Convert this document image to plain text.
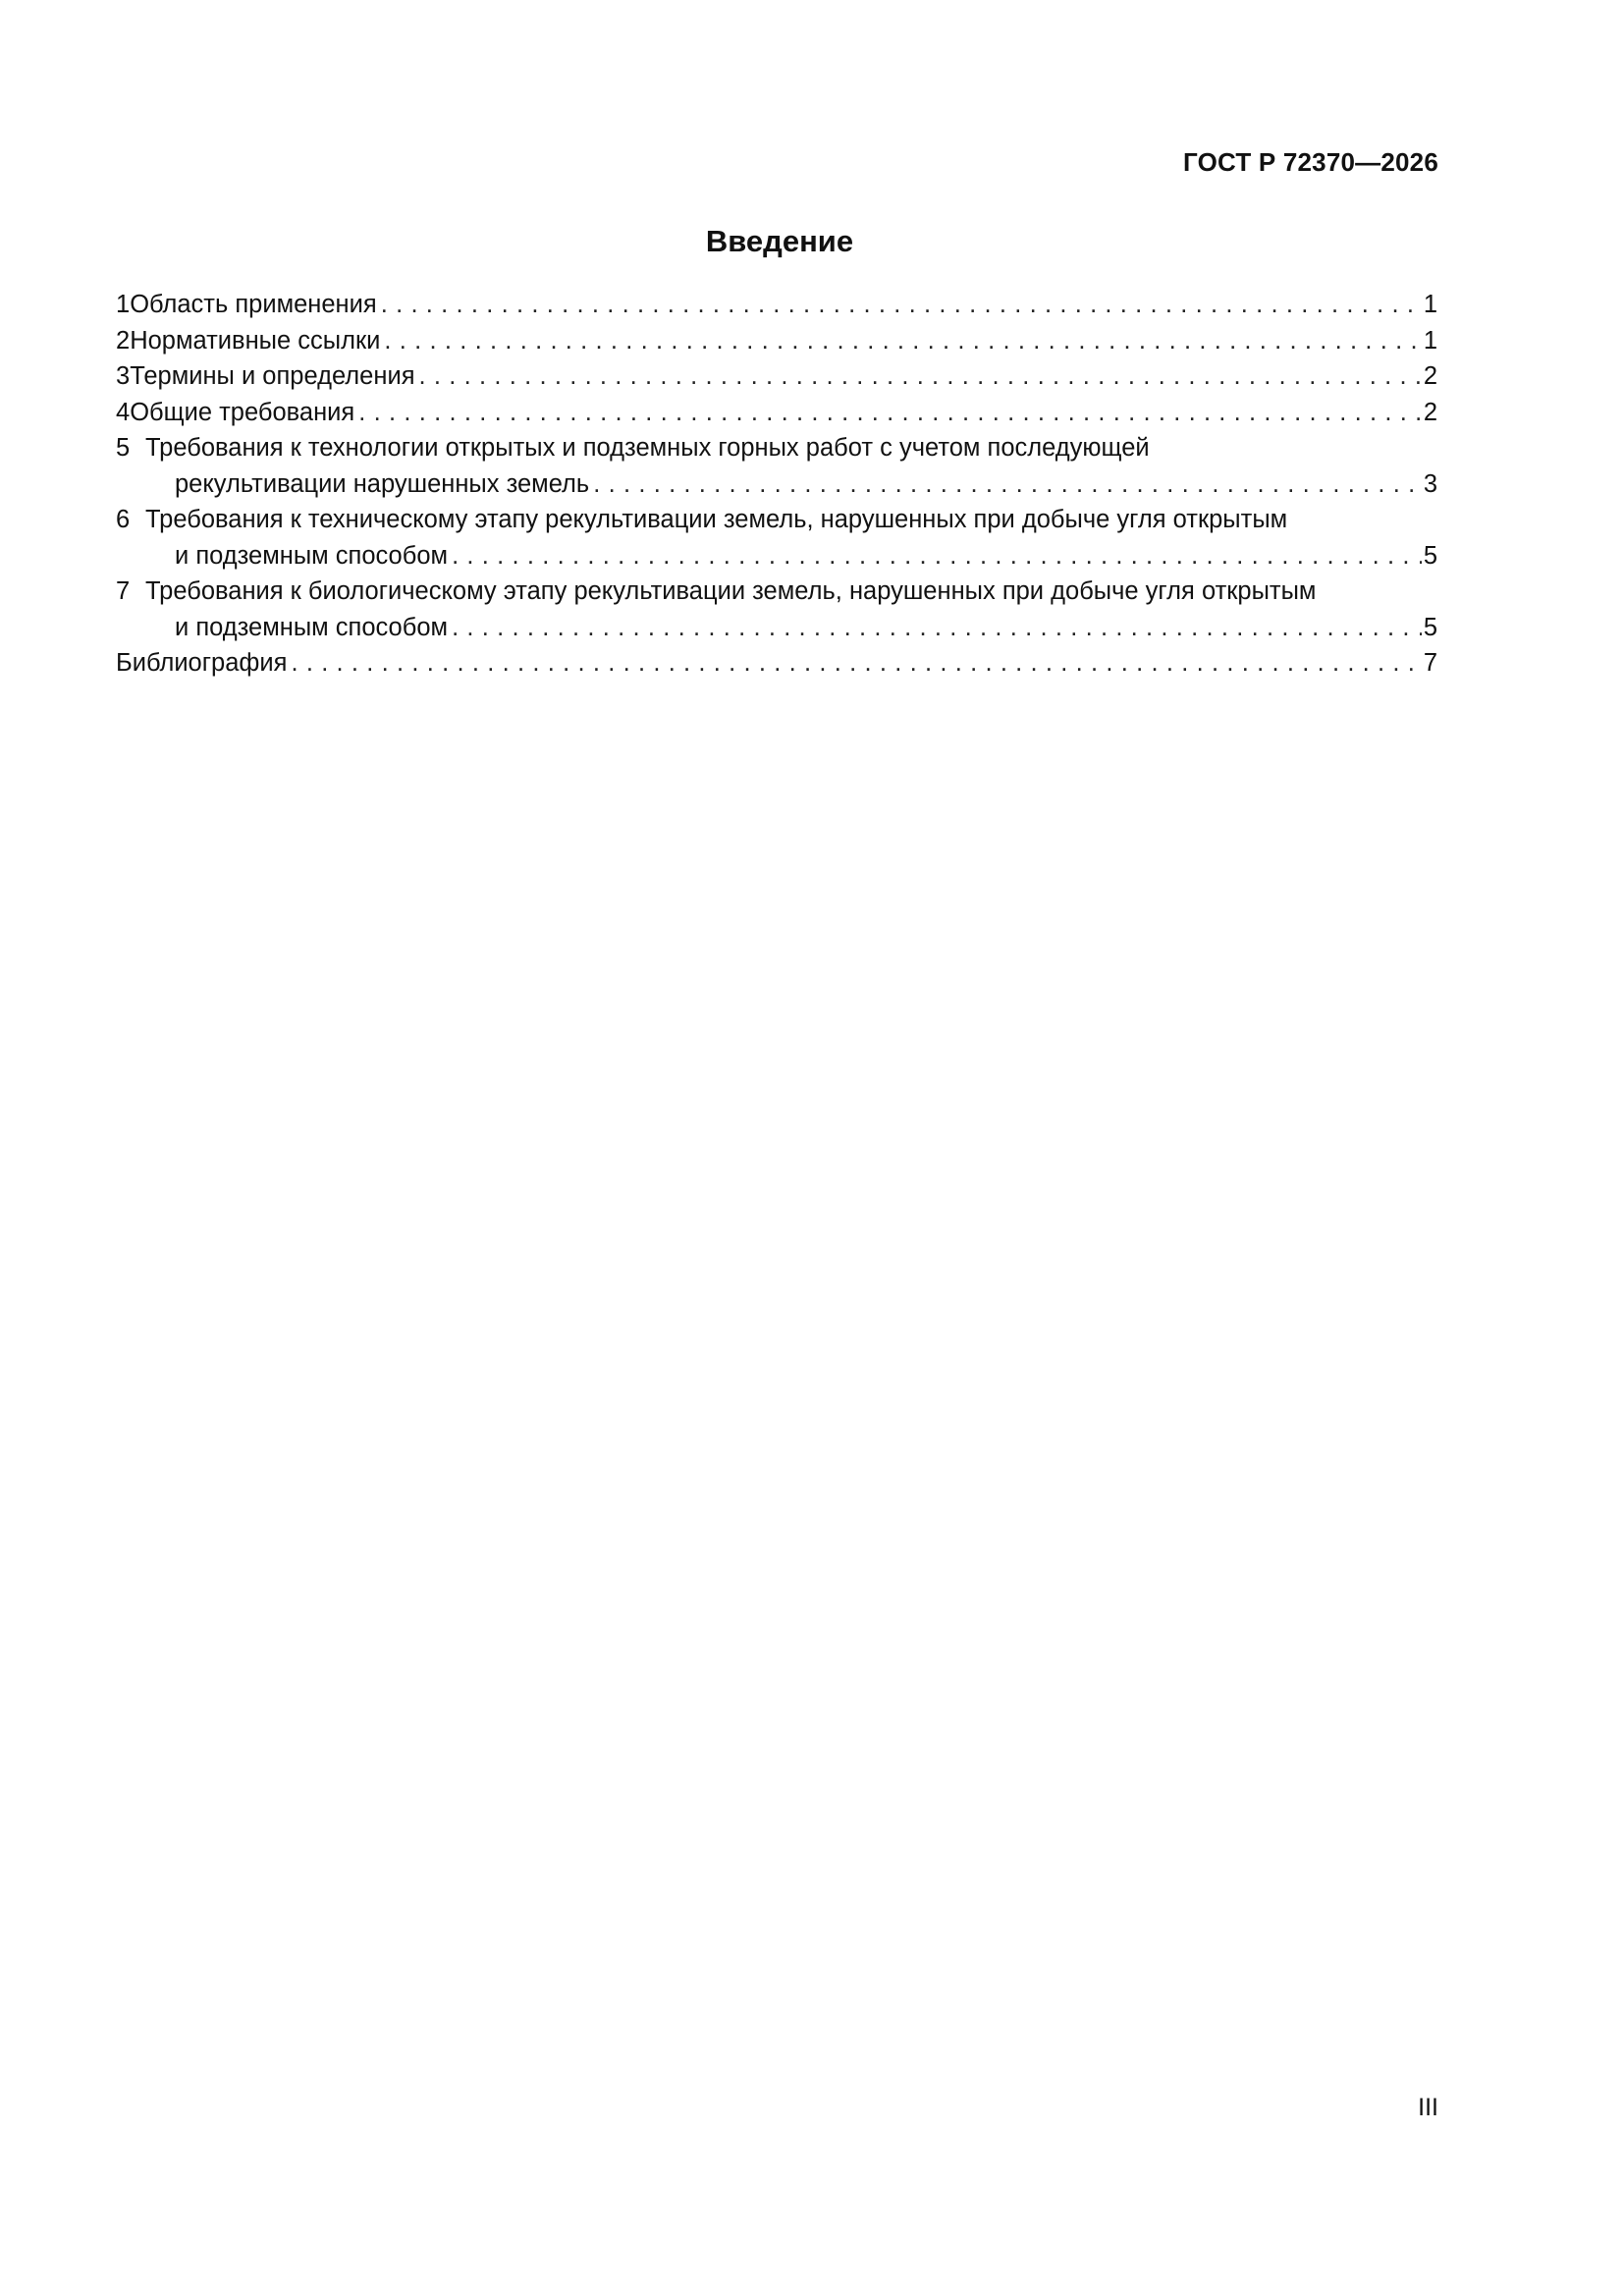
ГОСТ Р 72370—2026
Введение
1 Область применения . . .	1
2 Нормативные ссылки . . .	1
3 Термины и определения . . .	2
4 Общие требования . . .	2
5 Требования к технологии открытых и подземных горных работ с учетом последующей
рекультивации нарушенных земель . . .	3
6 Требования к техническому этапу рекультивации земель, нарушенных при добыче угля открытым
и подземным способом . . .	5
7 Требования к биологическому этапу рекультивации земель, нарушенных при добыче угля открытым
и подземным способом . . .	5
Библиография . . .	7
III
